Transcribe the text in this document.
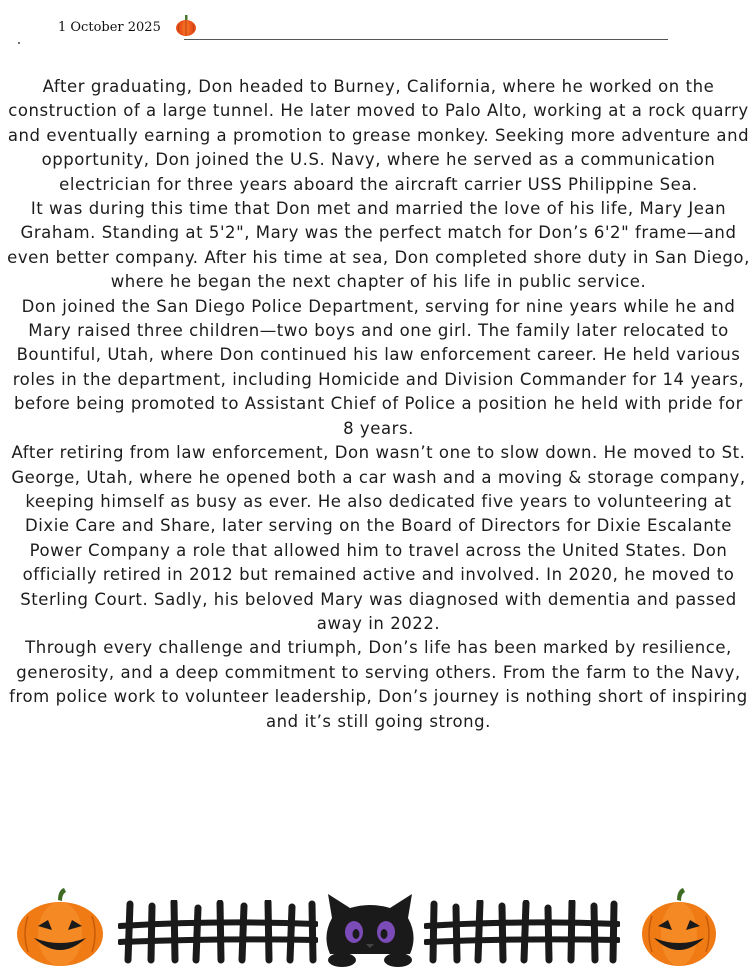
1 October 2025

After graduating, Don headed to Burney, California, where he worked on the construction of a large tunnel. He later moved to Palo Alto, working at a rock quarry and eventually earning a promotion to grease monkey. Seeking more adventure and opportunity, Don joined the U.S. Navy, where he served as a communication electrician for three years aboard the aircraft carrier USS Philippine Sea.

It was during this time that Don met and married the love of his life, Mary Jean Graham. Standing at 5'2", Mary was the perfect match for Don’s 6'2" frame—and even better company. After his time at sea, Don completed shore duty in San Diego, where he began the next chapter of his life in public service.

Don joined the San Diego Police Department, serving for nine years while he and Mary raised three children—two boys and one girl. The family later relocated to Bountiful, Utah, where Don continued his law enforcement career. He held various roles in the department, including Homicide and Division Commander for 14 years, before being promoted to Assistant Chief of Police a position he held with pride for 8 years.

After retiring from law enforcement, Don wasn’t one to slow down. He moved to St. George, Utah, where he opened both a car wash and a moving & storage company, keeping himself as busy as ever. He also dedicated five years to volunteering at Dixie Care and Share, later serving on the Board of Directors for Dixie Escalante Power Company a role that allowed him to travel across the United States. Don officially retired in 2012 but remained active and involved. In 2020, he moved to Sterling Court. Sadly, his beloved Mary was diagnosed with dementia and passed away in 2022.

Through every challenge and triumph, Don’s life has been marked by resilience, generosity, and a deep commitment to serving others. From the farm to the Navy, from police work to volunteer leadership, Don’s journey is nothing short of inspiring and it’s still going strong.
